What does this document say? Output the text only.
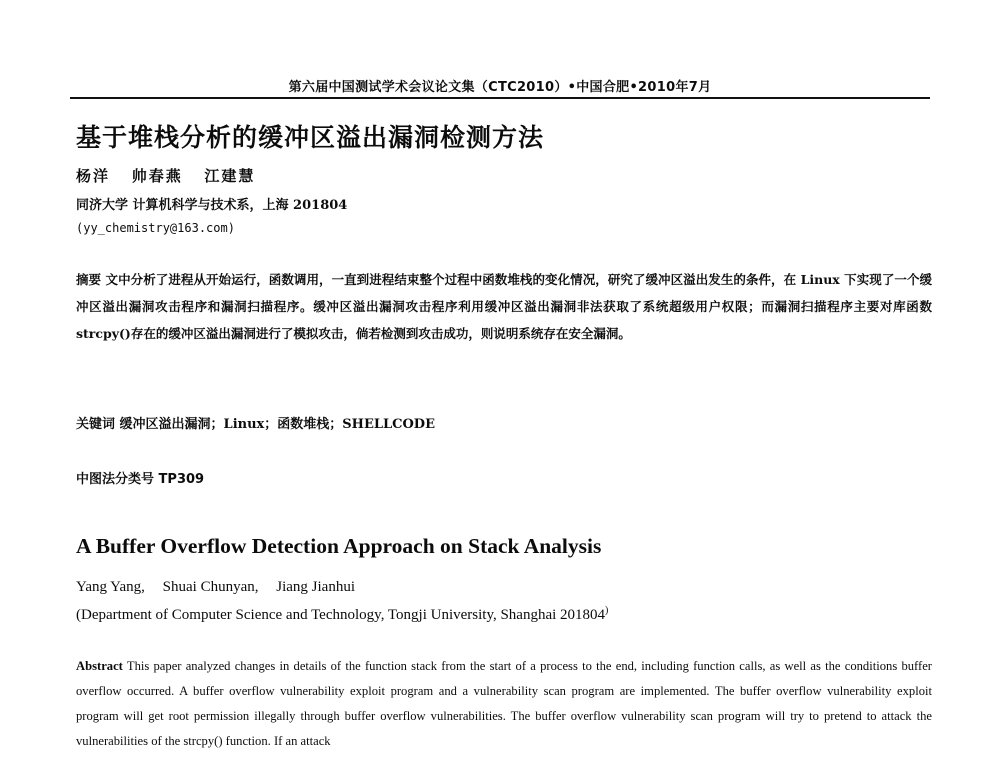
第六届中国测试学术会议论文集（CTC2010）•中国合肥•2010年7月
基于堆栈分析的缓冲区溢出漏洞检测方法
杨洋 帅春燕 江建慧
同济大学 计算机科学与技术系，上海 201804
(yy_chemistry@163.com)
摘要 文中分析了进程从开始运行，函数调用，一直到进程结束整个过程中函数堆栈的变化情况，研究了缓冲区溢出发生的条件，在 Linux 下实现了一个缓冲区溢出漏洞攻击程序和漏洞扫描程序。缓冲区溢出漏洞攻击程序利用缓冲区溢出漏洞非法获取了系统超级用户权限；而漏洞扫描程序主要对库函数 strcpy()存在的缓冲区溢出漏洞进行了模拟攻击，倘若检测到攻击成功，则说明系统存在安全漏洞。
关键词 缓冲区溢出漏洞；Linux；函数堆栈；SHELLCODE
中图法分类号 TP309
A Buffer Overflow Detection Approach on Stack Analysis
Yang Yang, Shuai Chunyan, Jiang Jianhui
(Department of Computer Science and Technology, Tongji University, Shanghai 201804)
Abstract This paper analyzed changes in details of the function stack from the start of a process to the end, including function calls, as well as the conditions buffer overflow occurred. A buffer overflow vulnerability exploit program and a vulnerability scan program are implemented. The buffer overflow vulnerability exploit program will get root permission illegally through buffer overflow vulnerabilities. The buffer overflow vulnerability scan program will try to pretend to attack the vulnerabilities of the strcpy() function. If an attack
